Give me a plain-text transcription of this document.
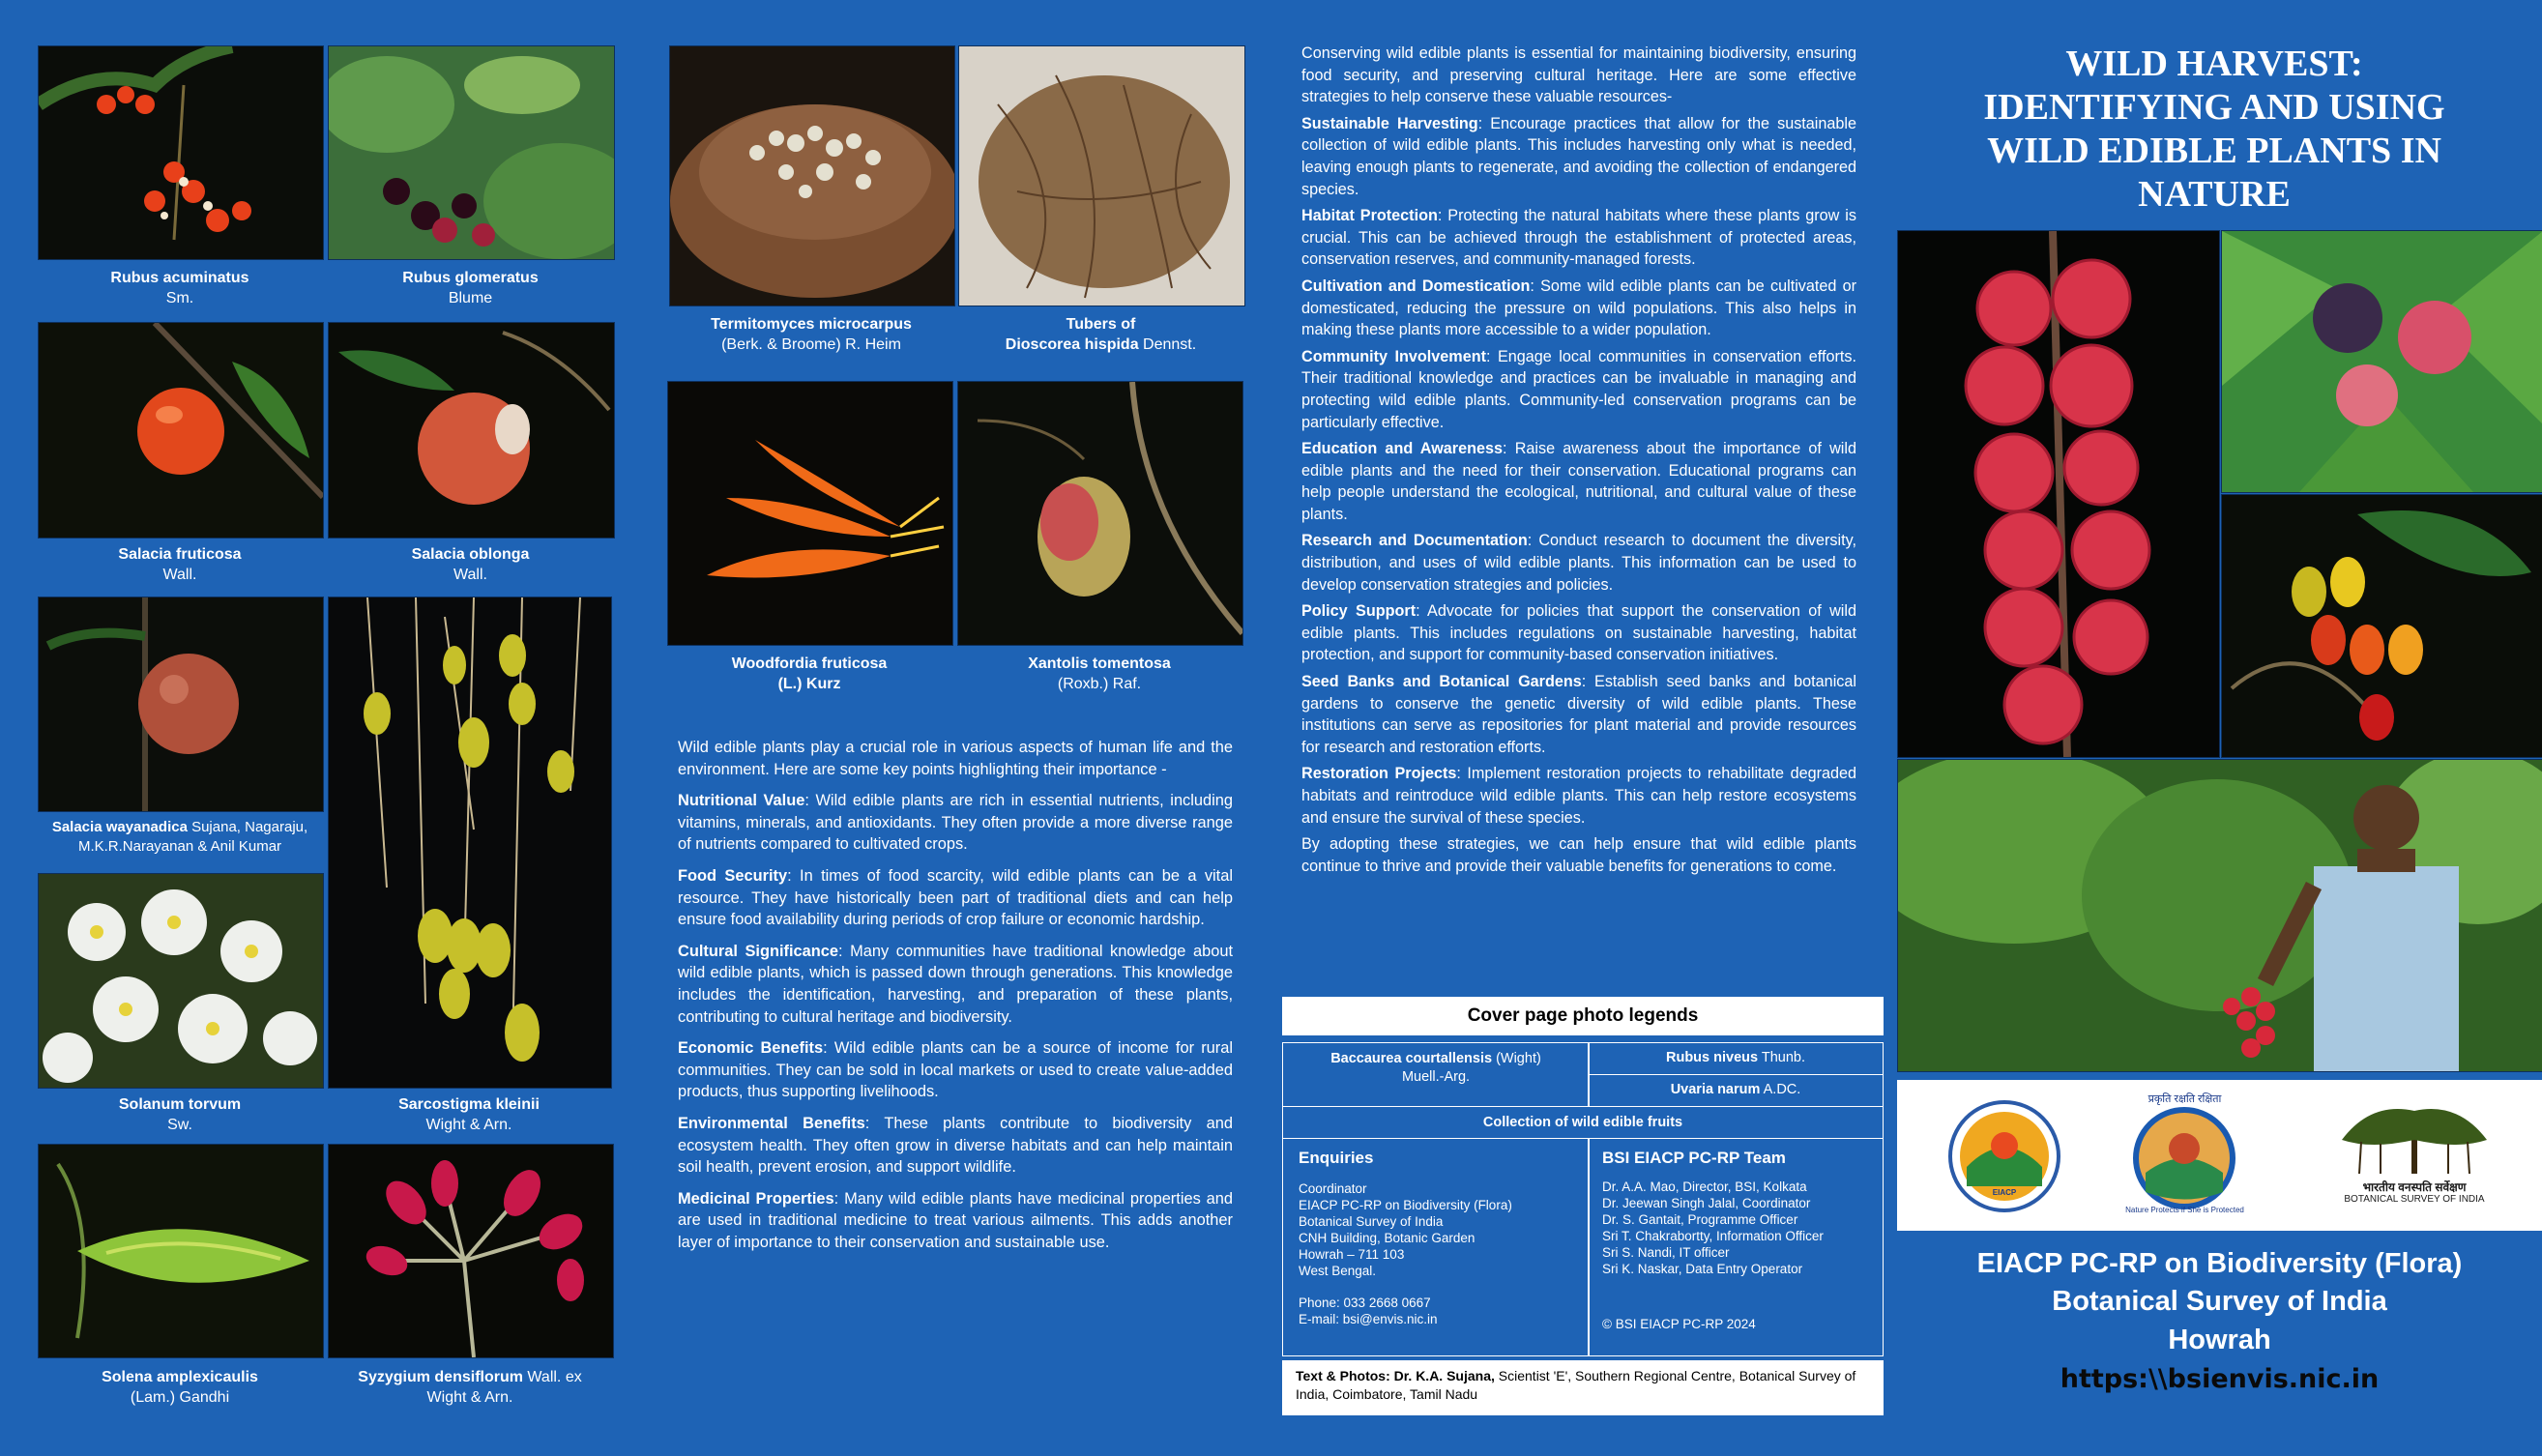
Rubus acuminatus
Sm.
Rubus glomeratus
Blume
Salacia fruticosa
Wall.
Salacia oblonga
Wall.
Salacia wayanadica Sujana, Nagaraju,
M.K.R.Narayanan & Anil Kumar
Solanum torvum
Sw.
Sarcostigma kleinii
Wight & Arn.
Solena amplexicaulis
(Lam.) Gandhi
Syzygium densiflorum Wall. ex
Wight & Arn.
Termitomyces microcarpus
(Berk. & Broome) R. Heim
Tubers of
Dioscorea hispida Dennst.
Woodfordia fruticosa
(L.) Kurz
Xantolis tomentosa
(Roxb.) Raf.

Wild edible plants play a crucial role in various aspects of human life and the environment. Here are some key points highlighting their importance -

Nutritional Value: Wild edible plants are rich in essential nutrients, including vitamins, minerals, and antioxidants. They often provide a more diverse range of nutrients compared to cultivated crops.

Food Security: In times of food scarcity, wild edible plants can be a vital resource. They have historically been part of traditional diets and can help ensure food availability during periods of crop failure or economic hardship.

Cultural Significance: Many communities have traditional knowledge about wild edible plants, which is passed down through generations. This knowledge includes the identification, harvesting, and preparation of these plants, contributing to cultural heritage and biodiversity.

Economic Benefits: Wild edible plants can be a source of income for rural communities. They can be sold in local markets or used to create value-added products, thus supporting livelihoods.

Environmental Benefits: These plants contribute to biodiversity and ecosystem health. They often grow in diverse habitats and can help maintain soil health, prevent erosion, and support wildlife.

Medicinal Properties: Many wild edible plants have medicinal properties and are used in traditional medicine to treat various ailments. This adds another layer of importance to their conservation and sustainable use.

Conserving wild edible plants is essential for maintaining biodiversity, ensuring food security, and preserving cultural heritage. Here are some effective strategies to help conserve these valuable resources-

Sustainable Harvesting: Encourage practices that allow for the sustainable collection of wild edible plants. This includes harvesting only what is needed, leaving enough plants to regenerate, and avoiding the collection of endangered species.

Habitat Protection: Protecting the natural habitats where these plants grow is crucial. This can be achieved through the establishment of protected areas, conservation reserves, and community-managed forests.

Cultivation and Domestication: Some wild edible plants can be cultivated or domesticated, reducing the pressure on wild populations. This also helps in making these plants more accessible to a wider population.

Community Involvement: Engage local communities in conservation efforts. Their traditional knowledge and practices can be invaluable in managing and protecting wild edible plants. Community-led conservation programs can be particularly effective.

Education and Awareness: Raise awareness about the importance of wild edible plants and the need for their conservation. Educational programs can help people understand the ecological, nutritional, and cultural value of these plants.

Research and Documentation: Conduct research to document the diversity, distribution, and uses of wild edible plants. This information can be used to develop conservation strategies and policies.

Policy Support: Advocate for policies that support the conservation of wild edible plants. This includes regulations on sustainable harvesting, habitat protection, and support for community-based conservation initiatives.

Seed Banks and Botanical Gardens: Establish seed banks and botanical gardens to conserve the genetic diversity of wild edible plants. These institutions can serve as repositories for plant material and provide resources for research and restoration efforts.

Restoration Projects: Implement restoration projects to rehabilitate degraded habitats and reintroduce wild edible plants. This can help restore ecosystems and ensure the survival of these species.

By adopting these strategies, we can help ensure that wild edible plants continue to thrive and provide their valuable benefits for generations to come.

Cover page photo legends
Baccaurea courtallensis (Wight)
Muell.-Arg.
Rubus niveus Thunb.
Uvaria narum A.DC.
Collection of wild edible fruits
Enquiries
Coordinator
EIACP PC-RP on Biodiversity (Flora)
Botanical Survey of India
CNH Building, Botanic Garden
Howrah – 711 103
West Bengal.
Phone: 033 2668 0667
E-mail: bsi@envis.nic.in
BSI EIACP PC-RP Team
Dr. A.A. Mao, Director, BSI, Kolkata
Dr. Jeewan Singh Jalal, Coordinator
Dr. S. Gantait, Programme Officer
Sri T. Chakrabortty, Information Officer
Sri S. Nandi, IT officer
Sri K. Naskar, Data Entry Operator
© BSI EIACP PC-RP 2024
Text & Photos: Dr. K.A. Sujana, Scientist 'E', Southern Regional Centre, Botanical Survey of India, Coimbatore, Tamil Nadu
WILD HARVEST:
IDENTIFYING AND USING
WILD EDIBLE PLANTS IN
NATURE
EIACP
प्रकृति रक्षति रक्षिता
Nature Protects if She is Protected
भारतीय वनस्पति सर्वेक्षण
BOTANICAL SURVEY OF INDIA
EIACP PC-RP on Biodiversity (Flora)
Botanical Survey of India
Howrah
https:\\bsienvis.nic.in
